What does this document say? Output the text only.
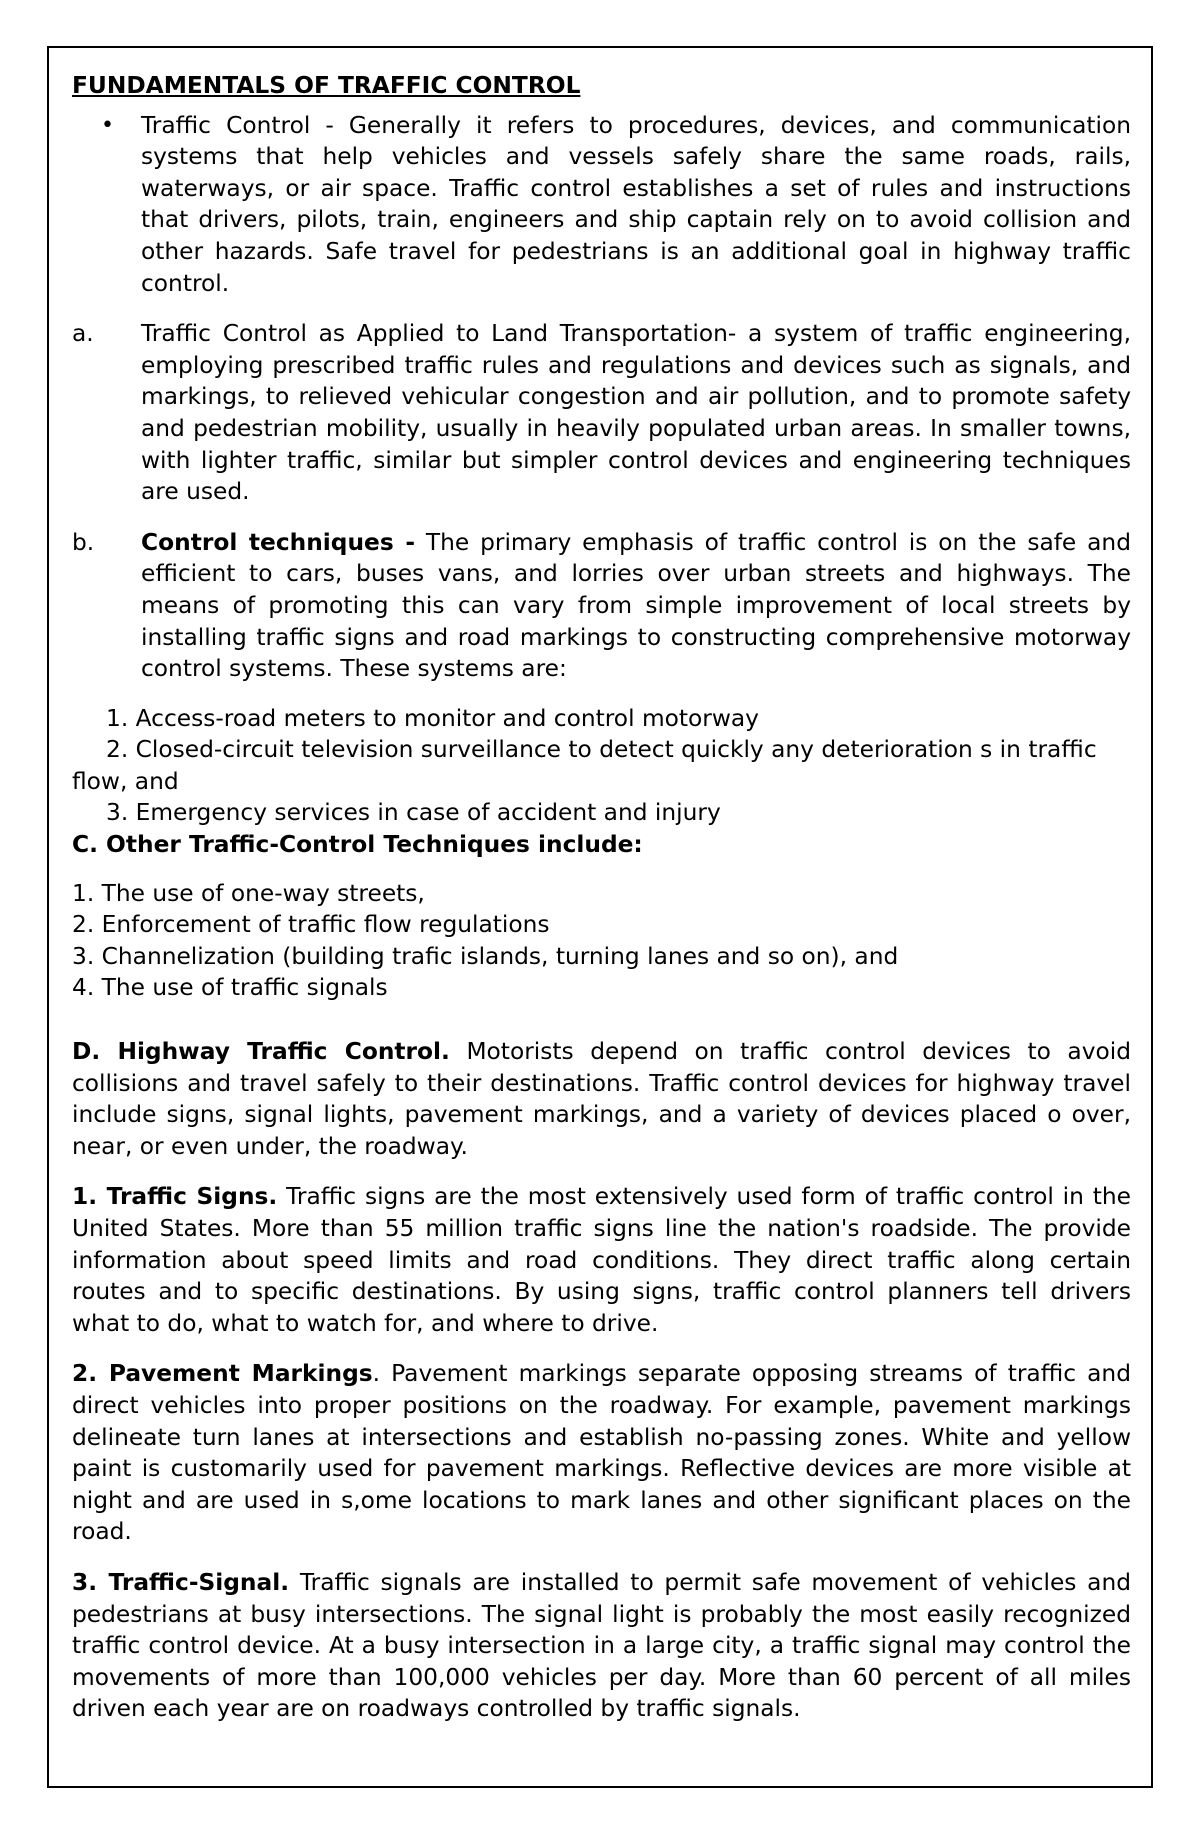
FUNDAMENTALS OF TRAFFIC CONTROL
• Traffic Control - Generally it refers to procedures, devices, and communication systems that help vehicles and vessels safely share the same roads, rails, waterways, or air space. Traffic control establishes a set of rules and instructions that drivers, pilots, train, engineers and ship captain rely on to avoid collision and other hazards. Safe travel for pedestrians is an additional goal in highway traffic control.
a.	Traffic Control as Applied to Land Transportation- a system of traffic engineering, employing prescribed traffic rules and regulations and devices such as signals, and markings, to relieved vehicular congestion and air pollution, and to promote safety and pedestrian mobility, usually in heavily populated urban areas. In smaller towns, with lighter traffic, similar but simpler control devices and engineering techniques are used.
b.	Control techniques - The primary emphasis of traffic control is on the safe and efficient to cars, buses vans, and lorries over urban streets and highways. The means of promoting this can vary from simple improvement of local streets by installing traffic signs and road markings to constructing comprehensive motorway control systems. These systems are:
1. Access-road meters to monitor and control motorway
2. Closed-circuit television surveillance to detect quickly any deterioration s in traffic
flow, and
3. Emergency services in case of accident and injury
C. Other Traffic-Control Techniques include:
1. The use of one-way streets,
2. Enforcement of traffic flow regulations
3. Channelization (building trafic islands, turning lanes and so on), and
4. The use of traffic signals
D. Highway Traffic Control. Motorists depend on traffic control devices to avoid collisions and travel safely to their destinations. Traffic control devices for highway travel include signs, signal lights, pavement markings, and a variety of devices placed o over, near, or even under, the roadway.
1. Traffic Signs. Traffic signs are the most extensively used form of traffic control in the United States. More than 55 million traffic signs line the nation's roadside. The provide information about speed limits and road conditions. They direct traffic along certain routes and to specific destinations. By using signs, traffic control planners tell drivers what to do, what to watch for, and where to drive.
2. Pavement Markings. Pavement markings separate opposing streams of traffic and direct vehicles into proper positions on the roadway. For example, pavement markings delineate turn lanes at intersections and establish no-passing zones. White and yellow paint is customarily used for pavement markings. Reflective devices are more visible at night and are used in s,ome locations to mark lanes and other significant places on the road.
3. Traffic-Signal. Traffic signals are installed to permit safe movement of vehicles and pedestrians at busy intersections. The signal light is probably the most easily recognized traffic control device. At a busy intersection in a large city, a traffic signal may control the movements of more than 100,000 vehicles per day. More than 60 percent of all miles driven each year are on roadways controlled by traffic signals.
